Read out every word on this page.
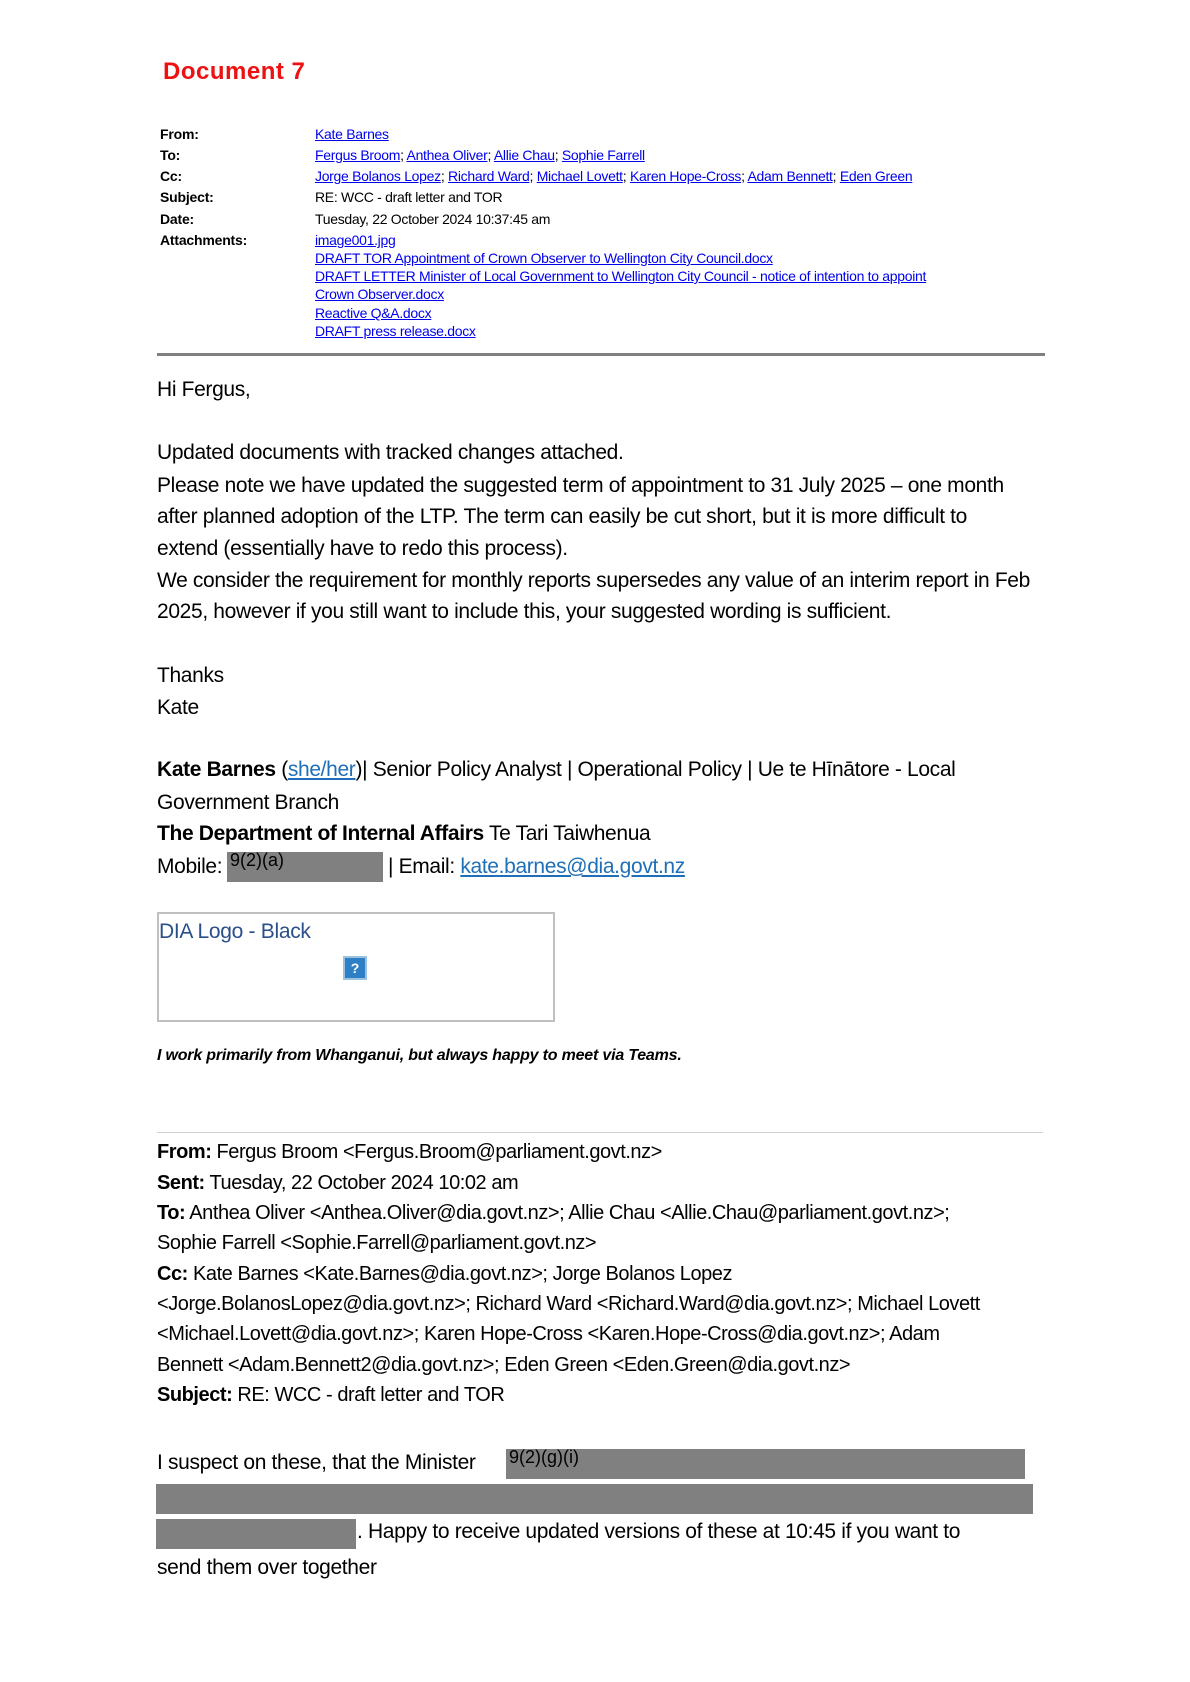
Document 7
From:	Kate Barnes
To:	Fergus Broom; Anthea Oliver; Allie Chau; Sophie Farrell
Cc:	Jorge Bolanos Lopez; Richard Ward; Michael Lovett; Karen Hope-Cross; Adam Bennett; Eden Green
Subject:	RE: WCC - draft letter and TOR
Date:	Tuesday, 22 October 2024 10:37:45 am
Attachments:	image001.jpg
DRAFT TOR Appointment of Crown Observer to Wellington City Council.docx
DRAFT LETTER Minister of Local Government to Wellington City Council - notice of intention to appoint
Crown Observer.docx
Reactive Q&A.docx
DRAFT press release.docx
Hi Fergus,
Updated documents with tracked changes attached.
Please note we have updated the suggested term of appointment to 31 July 2025 – one month
after planned adoption of the LTP. The term can easily be cut short, but it is more difficult to
extend (essentially have to redo this process).
We consider the requirement for monthly reports supersedes any value of an interim report in Feb
2025, however if you still want to include this, your suggested wording is sufficient.
Thanks
Kate
Kate Barnes (she/her)| Senior Policy Analyst | Operational Policy | Ue te Hīnātore - Local
Government Branch
The Department of Internal Affairs Te Tari Taiwhenua
Mobile: 9(2)(a)	| Email: kate.barnes@dia.govt.nz
DIA Logo - Black
?
I work primarily from Whanganui, but always happy to meet via Teams.
From: Fergus Broom <Fergus.Broom@parliament.govt.nz>
Sent: Tuesday, 22 October 2024 10:02 am
To: Anthea Oliver <Anthea.Oliver@dia.govt.nz>; Allie Chau <Allie.Chau@parliament.govt.nz>;
Sophie Farrell <Sophie.Farrell@parliament.govt.nz>
Cc: Kate Barnes <Kate.Barnes@dia.govt.nz>; Jorge Bolanos Lopez
<Jorge.BolanosLopez@dia.govt.nz>; Richard Ward <Richard.Ward@dia.govt.nz>; Michael Lovett
<Michael.Lovett@dia.govt.nz>; Karen Hope-Cross <Karen.Hope-Cross@dia.govt.nz>; Adam
Bennett <Adam.Bennett2@dia.govt.nz>; Eden Green <Eden.Green@dia.govt.nz>
Subject: RE: WCC - draft letter and TOR
I suspect on these, that the Minister 9(2)(g)(i)
. Happy to receive updated versions of these at 10:45 if you want to
send them over together
